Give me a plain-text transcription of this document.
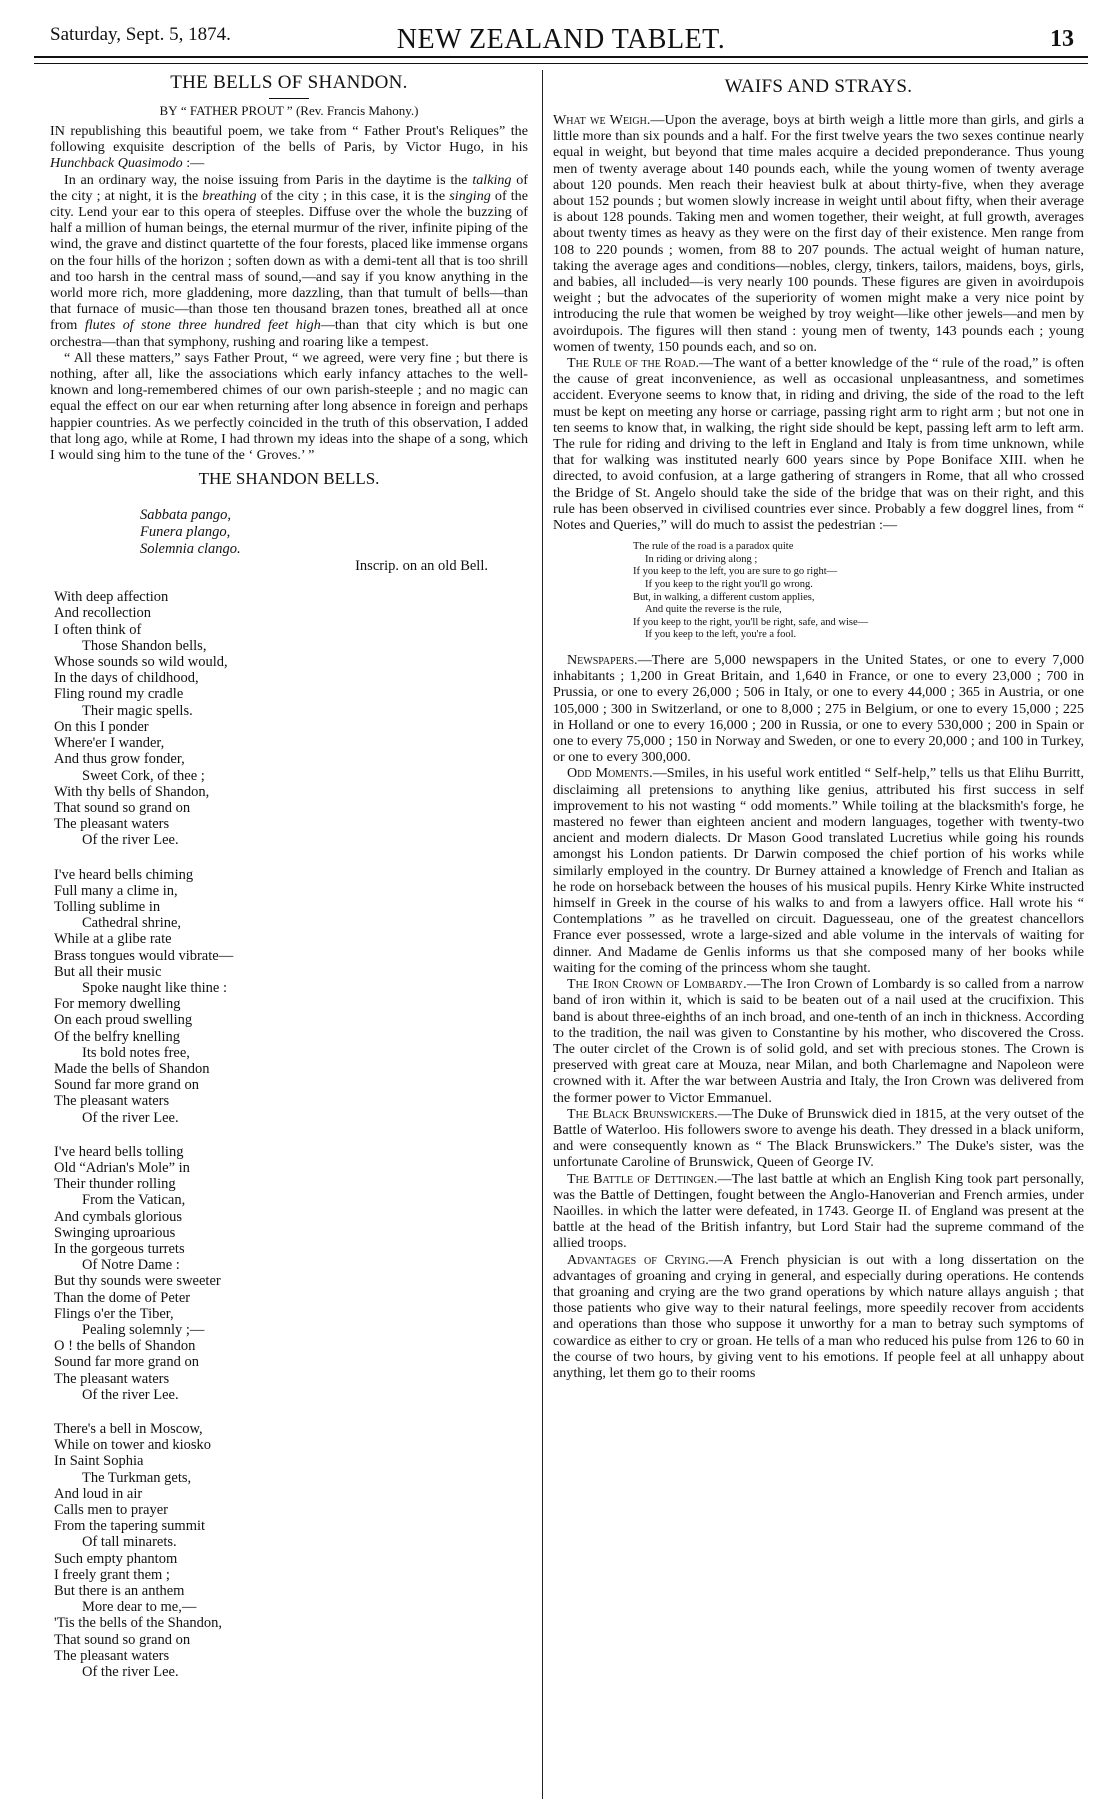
Saturday, Sept. 5, 1874.	NEW ZEALAND TABLET.	13
THE BELLS OF SHANDON.
BY “ FATHER PROUT ” (Rev. Francis Mahony.)

IN republishing this beautiful poem, we take from “ Father Prout's Reliques” the following exquisite description of the bells of Paris, by Victor Hugo, in his Hunchback Quasimodo :—

In an ordinary way, the noise issuing from Paris in the daytime is the talking of the city ; at night, it is the breathing of the city ; in this case, it is the singing of the city. Lend your ear to this opera of steeples. Diffuse over the whole the buzzing of half a million of human beings, the eternal murmur of the river, infinite piping of the wind, the grave and distinct quartette of the four forests, placed like immense organs on the four hills of the horizon ; soften down as with a demi-tent all that is too shrill and too harsh in the central mass of sound,—and say if you know anything in the world more rich, more gladdening, more dazzling, than that tumult of bells—than that furnace of music—than those ten thousand brazen tones, breathed all at once from flutes of stone three hundred feet high—than that city which is but one orchestra—than that symphony, rushing and roaring like a tempest.

“ All these matters,” says Father Prout, “ we agreed, were very fine ; but there is nothing, after all, like the associations which early infancy attaches to the well-known and long-remembered chimes of our own parish-steeple ; and no magic can equal the effect on our ear when returning after long absence in foreign and perhaps happier countries. As we perfectly coincided in the truth of this observation, I added that long ago, while at Rome, I had thrown my ideas into the shape of a song, which I would sing him to the tune of the ‘ Groves.’ ”

THE SHANDON BELLS.
Sabbata pango,
Funera plango,
Solemnia clango.
Inscrip. on an old Bell.
With deep affection
And recollection
I often think of
Those Shandon bells,
Whose sounds so wild would,
In the days of childhood,
Fling round my cradle
Their magic spells.
On this I ponder
Where'er I wander,
And thus grow fonder,
Sweet Cork, of thee ;
With thy bells of Shandon,
That sound so grand on
The pleasant waters
Of the river Lee.
I've heard bells chiming
Full many a clime in,
Tolling sublime in
Cathedral shrine,
While at a glibe rate
Brass tongues would vibrate—
But all their music
Spoke naught like thine :
For memory dwelling
On each proud swelling
Of the belfry knelling
Its bold notes free,
Made the bells of Shandon
Sound far more grand on
The pleasant waters
Of the river Lee.
I've heard bells tolling
Old “Adrian's Mole” in
Their thunder rolling
From the Vatican,
And cymbals glorious
Swinging uproarious
In the gorgeous turrets
Of Notre Dame :
But thy sounds were sweeter
Than the dome of Peter
Flings o'er the Tiber,
Pealing solemnly ;—
O ! the bells of Shandon
Sound far more grand on
The pleasant waters
Of the river Lee.
There's a bell in Moscow,
While on tower and kiosko
In Saint Sophia
The Turkman gets,
And loud in air
Calls men to prayer
From the tapering summit
Of tall minarets.
Such empty phantom
I freely grant them ;
But there is an anthem
More dear to me,—
'Tis the bells of the Shandon,
That sound so grand on
The pleasant waters
Of the river Lee.
WAIFS AND STRAYS.

What we Weigh.—Upon the average, boys at birth weigh a little more than girls, and girls a little more than six pounds and a half. For the first twelve years the two sexes continue nearly equal in weight, but beyond that time males acquire a decided preponderance. Thus young men of twenty average about 140 pounds each, while the young women of twenty average about 120 pounds. Men reach their heaviest bulk at about thirty-five, when they average about 152 pounds ; but women slowly increase in weight until about fifty, when their average is about 128 pounds. Taking men and women together, their weight, at full growth, averages about twenty times as heavy as they were on the first day of their existence. Men range from 108 to 220 pounds ; women, from 88 to 207 pounds. The actual weight of human nature, taking the average ages and conditions—nobles, clergy, tinkers, tailors, maidens, boys, girls, and babies, all included—is very nearly 100 pounds. These figures are given in avoirdupois weight ; but the advocates of the superiority of women might make a very nice point by introducing the rule that women be weighed by troy weight—like other jewels—and men by avoirdupois. The figures will then stand : young men of twenty, 143 pounds each ; young women of twenty, 150 pounds each, and so on.

The Rule of the Road.—The want of a better knowledge of the “ rule of the road,” is often the cause of great inconvenience, as well as occasional unpleasantness, and sometimes accident. Everyone seems to know that, in riding and driving, the side of the road to the left must be kept on meeting any horse or carriage, passing right arm to right arm ; but not one in ten seems to know that, in walking, the right side should be kept, passing left arm to left arm. The rule for riding and driving to the left in England and Italy is from time unknown, while that for walking was instituted nearly 600 years since by Pope Boniface XIII. when he directed, to avoid confusion, at a large gathering of strangers in Rome, that all who crossed the Bridge of St. Angelo should take the side of the bridge that was on their right, and this rule has been observed in civilised countries ever since. Probably a few doggrel lines, from “ Notes and Queries,” will do much to assist the pedestrian :—

The rule of the road is a paradox quite
In riding or driving along ;
If you keep to the left, you are sure to go right—
If you keep to the right you'll go wrong.
But, in walking, a different custom applies,
And quite the reverse is the rule,
If you keep to the right, you'll be right, safe, and wise—
If you keep to the left, you're a fool.

Newspapers.—There are 5,000 newspapers in the United States, or one to every 7,000 inhabitants ; 1,200 in Great Britain, and 1,640 in France, or one to every 23,000 ; 700 in Prussia, or one to every 26,000 ; 506 in Italy, or one to every 44,000 ; 365 in Austria, or one 105,000 ; 300 in Switzerland, or one to 8,000 ; 275 in Belgium, or one to every 15,000 ; 225 in Holland or one to every 16,000 ; 200 in Russia, or one to every 530,000 ; 200 in Spain or one to every 75,000 ; 150 in Norway and Sweden, or one to every 20,000 ; and 100 in Turkey, or one to every 300,000.

Odd Moments.—Smiles, in his useful work entitled “ Self-help,” tells us that Elihu Burritt, disclaiming all pretensions to anything like genius, attributed his first success in self improvement to his not wasting “ odd moments.” While toiling at the blacksmith's forge, he mastered no fewer than eighteen ancient and modern languages, together with twenty-two ancient and modern dialects. Dr Mason Good translated Lucretius while going his rounds amongst his London patients. Dr Darwin composed the chief portion of his works while similarly employed in the country. Dr Burney attained a knowledge of French and Italian as he rode on horseback between the houses of his musical pupils. Henry Kirke White instructed himself in Greek in the course of his walks to and from a lawyers office. Hall wrote his “ Contemplations ” as he travelled on circuit. Daguesseau, one of the greatest chancellors France ever possessed, wrote a large-sized and able volume in the intervals of waiting for dinner. And Madame de Genlis informs us that she composed many of her books while waiting for the coming of the princess whom she taught.

The Iron Crown of Lombardy.—The Iron Crown of Lombardy is so called from a narrow band of iron within it, which is said to be beaten out of a nail used at the crucifixion. This band is about three-eighths of an inch broad, and one-tenth of an inch in thickness. According to the tradition, the nail was given to Constantine by his mother, who discovered the Cross. The outer circlet of the Crown is of solid gold, and set with precious stones. The Crown is preserved with great care at Mouza, near Milan, and both Charlemagne and Napoleon were crowned with it. After the war between Austria and Italy, the Iron Crown was delivered from the former power to Victor Emmanuel.

The Black Brunswickers.—The Duke of Brunswick died in 1815, at the very outset of the Battle of Waterloo. His followers swore to avenge his death. They dressed in a black uniform, and were consequently known as “ The Black Brunswickers.” The Duke's sister, was the unfortunate Caroline of Brunswick, Queen of George IV.

The Battle of Dettingen.—The last battle at which an English King took part personally, was the Battle of Dettingen, fought between the Anglo-Hanoverian and French armies, under Naoilles. in which the latter were defeated, in 1743. George II. of England was present at the battle at the head of the British infantry, but Lord Stair had the supreme command of the allied troops.

Advantages of Crying.—A French physician is out with a long dissertation on the advantages of groaning and crying in general, and especially during operations. He contends that groaning and crying are the two grand operations by which nature allays anguish ; that those patients who give way to their natural feelings, more speedily recover from accidents and operations than those who suppose it unworthy for a man to betray such symptoms of cowardice as either to cry or groan. He tells of a man who reduced his pulse from 126 to 60 in the course of two hours, by giving vent to his emotions. If people feel at all unhappy about anything, let them go to their rooms
